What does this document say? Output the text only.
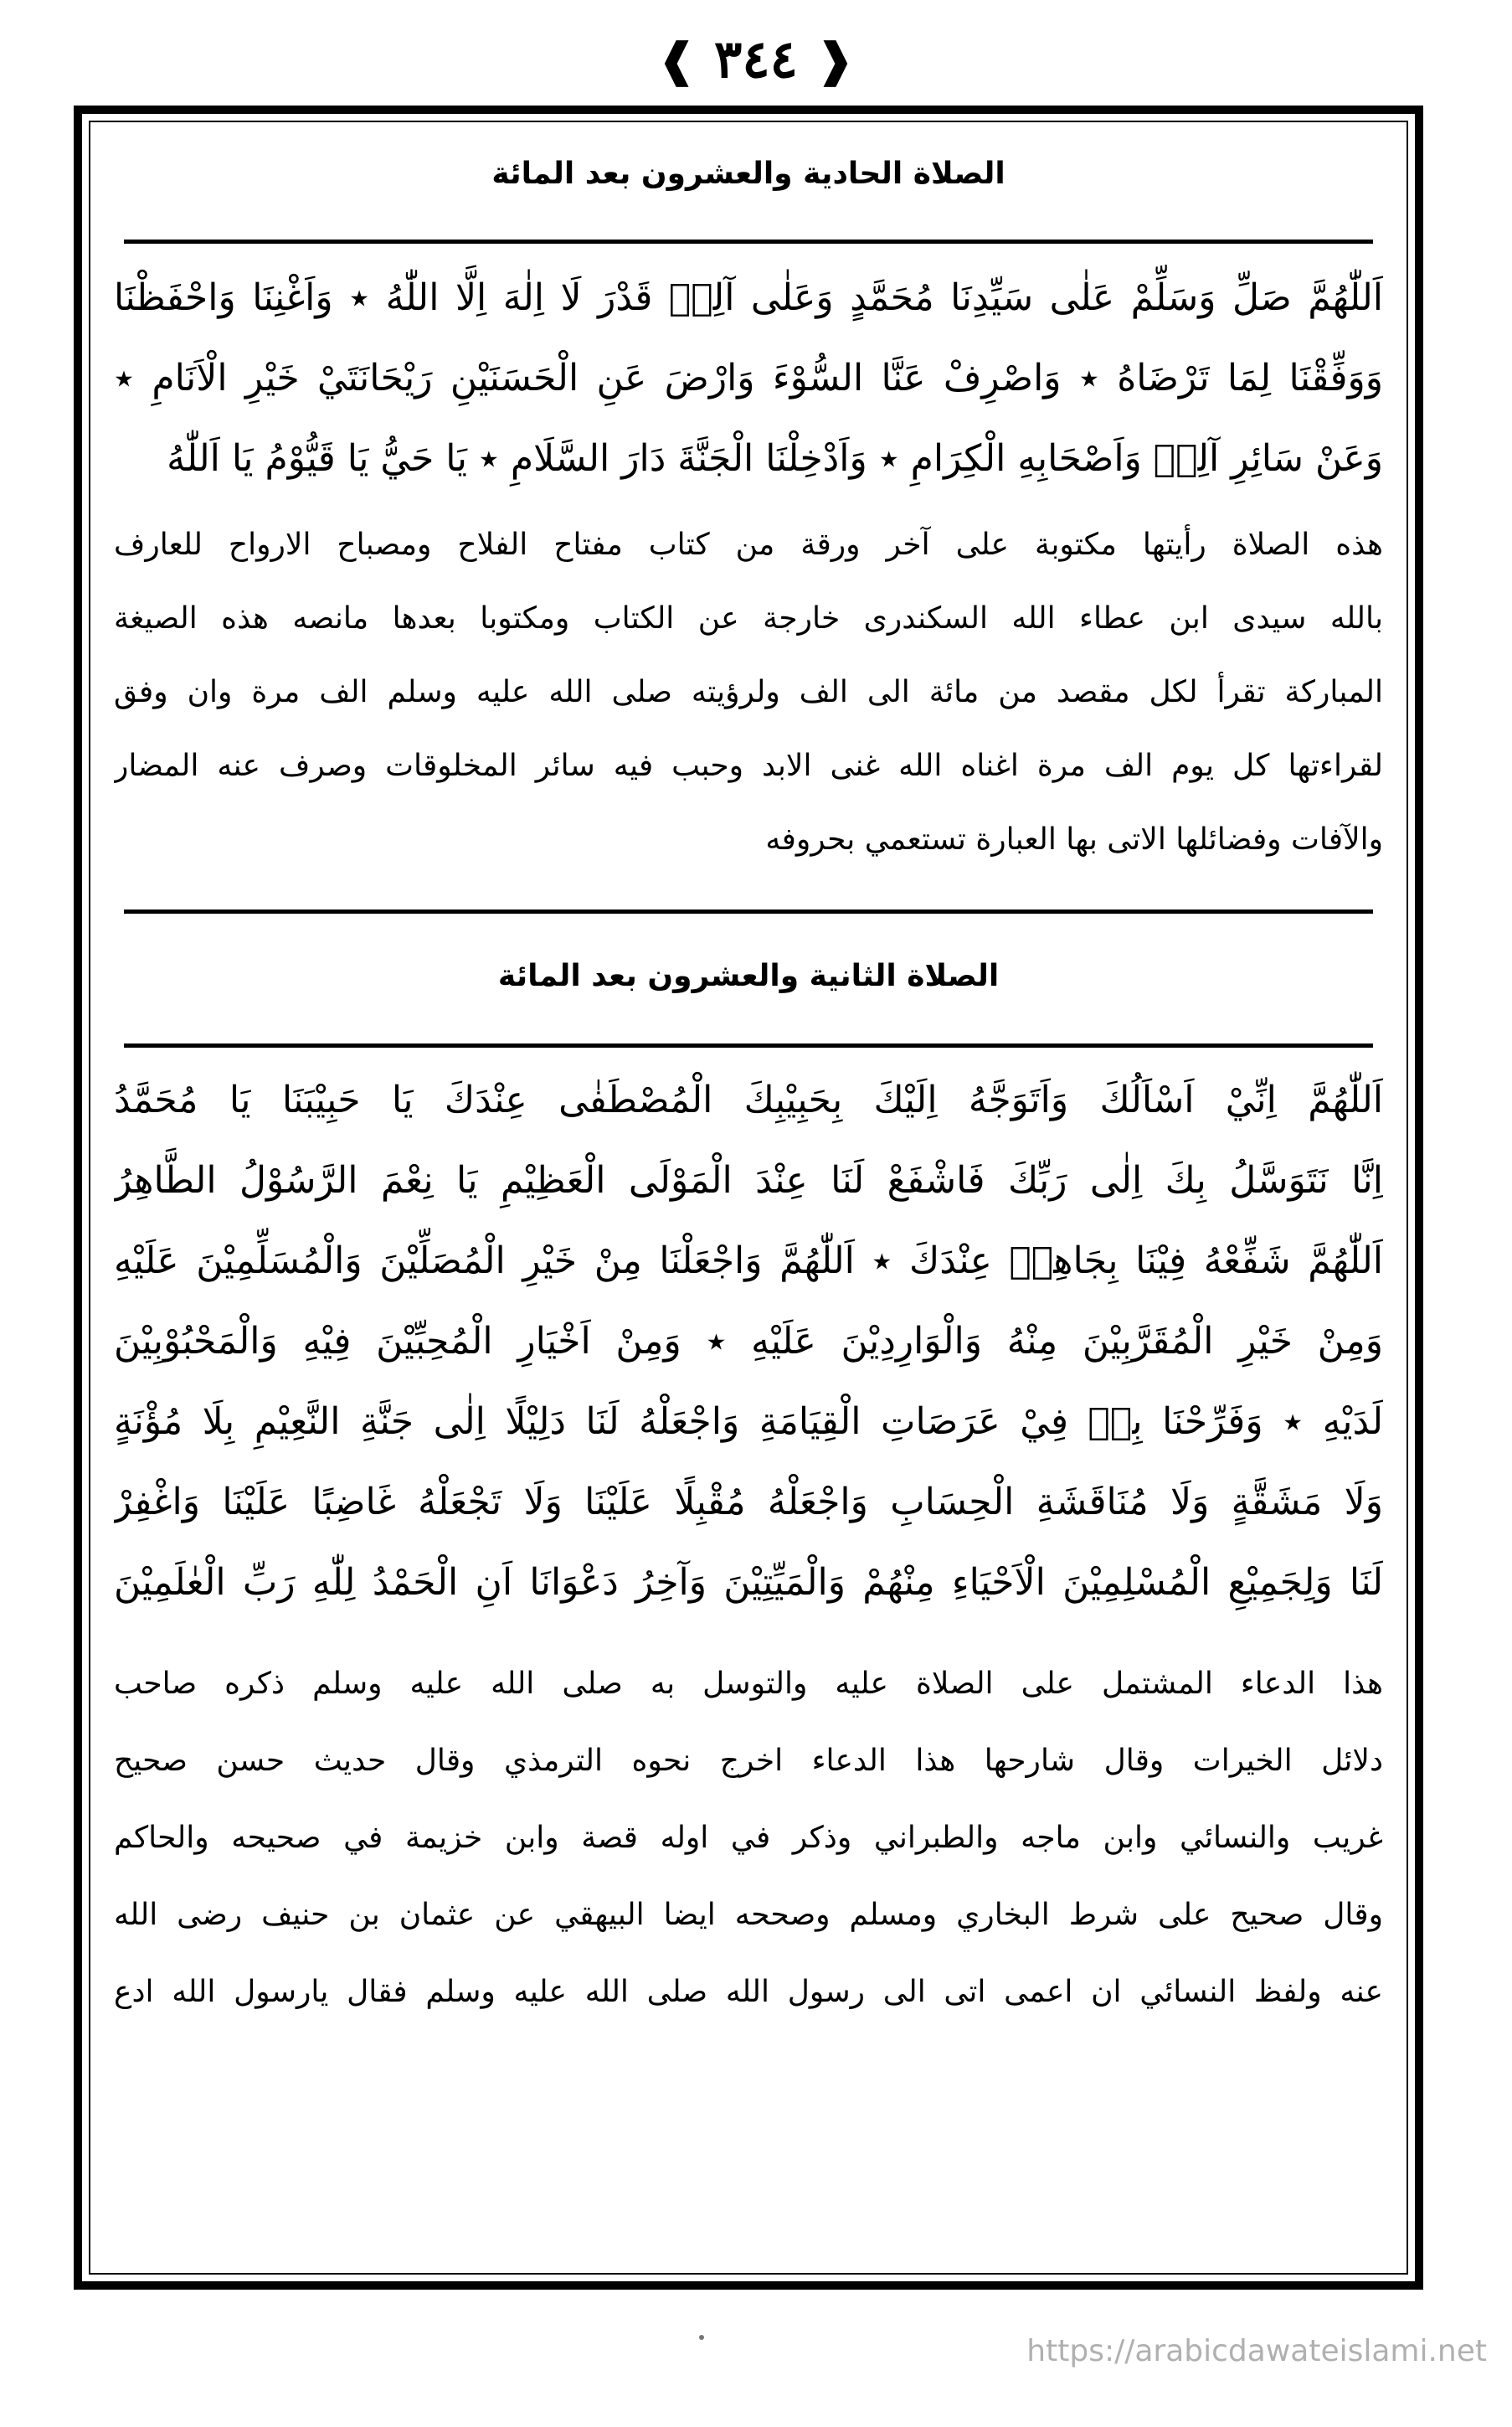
❰ ٣٤٤ ❱
الصلاة الحادية والعشرون بعد المائة
اَللّٰهُمَّ صَلِّ وَسَلِّمْ عَلٰى سَيِّدِنَا مُحَمَّدٍ وَعَلٰى آلِهٖ قَدْرَ لَا اِلٰهَ اِلَّا اللّٰهُ ٭ وَاَغْنِنَا وَاحْفَظْنَا
وَوَفِّقْنَا لِمَا تَرْضَاهُ ٭ وَاصْرِفْ عَنَّا السُّوْءَ وَارْضَ عَنِ الْحَسَنَيْنِ رَيْحَانَتَيْ خَيْرِ الْاَنَامِ ٭
وَعَنْ سَائِرِ آلِهٖ وَاَصْحَابِهِ الْكِرَامِ ٭ وَاَدْخِلْنَا الْجَنَّةَ دَارَ السَّلَامِ ٭ يَا حَيُّ يَا قَيُّوْمُ يَا اَللّٰهُ
هذه الصلاة رأيتها مكتوبة على آخر ورقة من كتاب مفتاح الفلاح ومصباح الارواح للعارف
بالله سيدى ابن عطاء الله السكندرى خارجة عن الكتاب ومكتوبا بعدها مانصه هذه الصيغة
المباركة تقرأ لكل مقصد من مائة الى الف ولرؤيته صلى الله عليه وسلم الف مرة وان وفق
لقراءتها كل يوم الف مرة اغناه الله غنى الابد وحبب فيه سائر المخلوقات وصرف عنه المضار
والآفات وفضائلها الاتى بها العبارة تستعمي بحروفه
الصلاة الثانية والعشرون بعد المائة
اَللّٰهُمَّ اِنِّيْ اَسْاَلُكَ وَاَتَوَجَّهُ اِلَيْكَ بِحَبِيْبِكَ الْمُصْطَفٰى عِنْدَكَ يَا حَبِيْبَنَا يَا مُحَمَّدُ
اِنَّا نَتَوَسَّلُ بِكَ اِلٰى رَبِّكَ فَاشْفَعْ لَنَا عِنْدَ الْمَوْلَى الْعَظِيْمِ يَا نِعْمَ الرَّسُوْلُ الطَّاهِرُ
اَللّٰهُمَّ شَفِّعْهُ فِيْنَا بِجَاهِهٖ عِنْدَكَ ٭ اَللّٰهُمَّ وَاجْعَلْنَا مِنْ خَيْرِ الْمُصَلِّيْنَ وَالْمُسَلِّمِيْنَ عَلَيْهِ
وَمِنْ خَيْرِ الْمُقَرَّبِيْنَ مِنْهُ وَالْوَارِدِيْنَ عَلَيْهِ ٭ وَمِنْ اَخْيَارِ الْمُحِبِّيْنَ فِيْهِ وَالْمَحْبُوْبِيْنَ
لَدَيْهِ ٭ وَفَرِّحْنَا بِهٖ فِيْ عَرَصَاتِ الْقِيَامَةِ وَاجْعَلْهُ لَنَا دَلِيْلًا اِلٰى جَنَّةِ النَّعِيْمِ بِلَا مُؤْنَةٍ
وَلَا مَشَقَّةٍ وَلَا مُنَاقَشَةِ الْحِسَابِ وَاجْعَلْهُ مُقْبِلًا عَلَيْنَا وَلَا تَجْعَلْهُ غَاضِبًا عَلَيْنَا وَاغْفِرْ
لَنَا وَلِجَمِيْعِ الْمُسْلِمِيْنَ الْاَحْيَاءِ مِنْهُمْ وَالْمَيِّتِيْنَ وَآخِرُ دَعْوَانَا اَنِ الْحَمْدُ لِلّٰهِ رَبِّ الْعٰلَمِيْنَ
هذا الدعاء المشتمل على الصلاة عليه والتوسل به صلى الله عليه وسلم ذكره صاحب
دلائل الخيرات وقال شارحها هذا الدعاء اخرج نحوه الترمذي وقال حديث حسن صحيح
غريب والنسائي وابن ماجه والطبراني وذكر في اوله قصة وابن خزيمة في صحيحه والحاكم
وقال صحيح على شرط البخاري ومسلم وصححه ايضا البيهقي عن عثمان بن حنيف رضى الله
عنه ولفظ النسائي ان اعمى اتى الى رسول الله صلى الله عليه وسلم فقال يارسول الله ادع
https://arabicdawateislami.net
